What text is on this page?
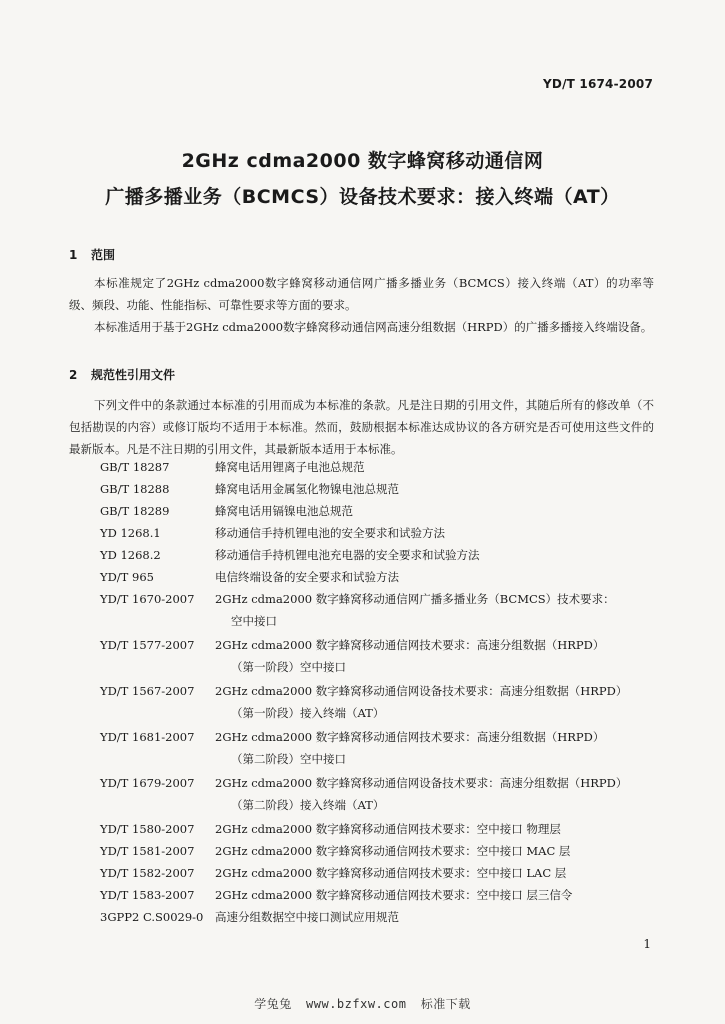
YD/T 1674-2007
2GHz cdma2000 数字蜂窝移动通信网
广播多播业务（BCMCS）设备技术要求：接入终端（AT）
1 范围
本标准规定了2GHz cdma2000数字蜂窝移动通信网广播多播业务（BCMCS）接入终端（AT）的功率等级、频段、功能、性能指标、可靠性要求等方面的要求。
本标准适用于基于2GHz cdma2000数字蜂窝移动通信网高速分组数据（HRPD）的广播多播接入终端设备。
2 规范性引用文件
下列文件中的条款通过本标准的引用而成为本标准的条款。凡是注日期的引用文件，其随后所有的修改单（不包括勘误的内容）或修订版均不适用于本标准。然而，鼓励根据本标准达成协议的各方研究是否可使用这些文件的最新版本。凡是不注日期的引用文件，其最新版本适用于本标准。
GB/T 18287	蜂窝电话用锂离子电池总规范
GB/T 18288	蜂窝电话用金属氢化物镍电池总规范
GB/T 18289	蜂窝电话用镉镍电池总规范
YD 1268.1	移动通信手持机锂电池的安全要求和试验方法
YD 1268.2	移动通信手持机锂电池充电器的安全要求和试验方法
YD/T 965	电信终端设备的安全要求和试验方法
YD/T 1670-2007	2GHz cdma2000 数字蜂窝移动通信网广播多播业务（BCMCS）技术要求：
空中接口
YD/T 1577-2007	2GHz cdma2000 数字蜂窝移动通信网技术要求：高速分组数据（HRPD）
（第一阶段）空中接口
YD/T 1567-2007	2GHz cdma2000 数字蜂窝移动通信网设备技术要求：高速分组数据（HRPD）
（第一阶段）接入终端（AT）
YD/T 1681-2007	2GHz cdma2000 数字蜂窝移动通信网技术要求：高速分组数据（HRPD）
（第二阶段）空中接口
YD/T 1679-2007	2GHz cdma2000 数字蜂窝移动通信网设备技术要求：高速分组数据（HRPD）
（第二阶段）接入终端（AT）
YD/T 1580-2007	2GHz cdma2000 数字蜂窝移动通信网技术要求：空中接口 物理层
YD/T 1581-2007	2GHz cdma2000 数字蜂窝移动通信网技术要求：空中接口 MAC 层
YD/T 1582-2007	2GHz cdma2000 数字蜂窝移动通信网技术要求：空中接口 LAC 层
YD/T 1583-2007	2GHz cdma2000 数字蜂窝移动通信网技术要求：空中接口 层三信令
3GPP2 C.S0029-0	高速分组数据空中接口测试应用规范
1
学兔兔 www.bzfxw.com 标准下载
